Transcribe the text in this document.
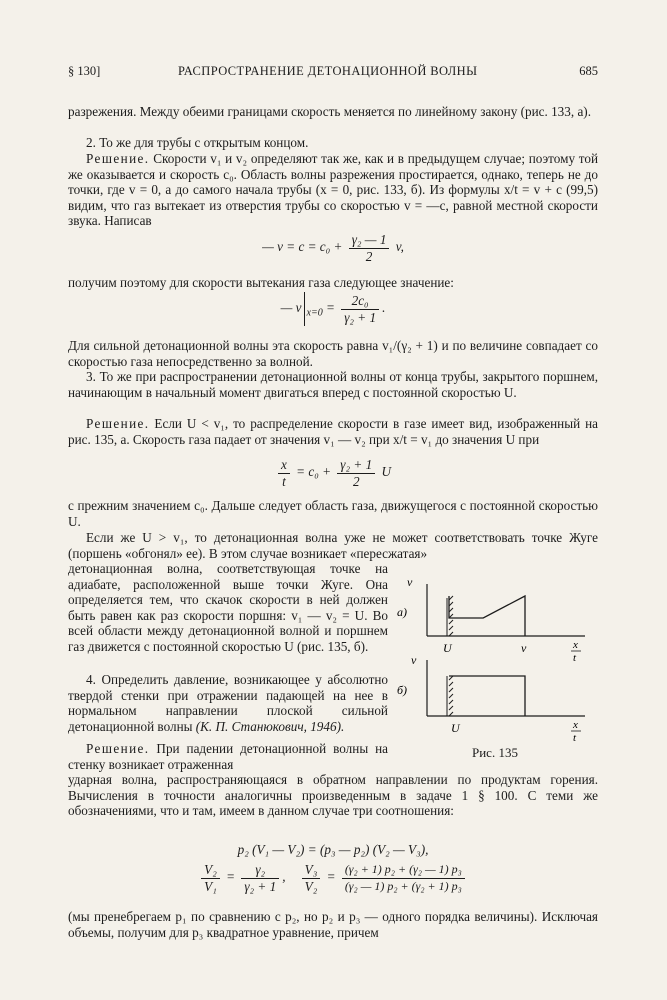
§ 130]	РАСПРОСТРАНЕНИЕ ДЕТОНАЦИОННОЙ ВОЛНЫ	685

разрежения. Между обеими границами скорость меняется по линейному закону (рис. 133, а).

2. То же для трубы с открытым концом.

Решение. Скорости v₁ и v₂ определяют так же, как и в предыдущем случае; поэтому той же оказывается и скорость c₀. Область волны разрежения простирается, однако, теперь не до точки, где v = 0, а до самого начала трубы (x = 0, рис. 133, б). Из формулы x/t = v + c (99,5) видим, что газ вытекает из отверстия трубы со скоростью v = —c, равной местной скорости звука. Написав

— $v = c = c_0 + \frac{\text{γ₂ — 1}}{2} v$,

получим поэтому для скорости вытекания газа следующее значение:

— v $_{x=0} = \frac{\text{2c₀}}{\text{γ₂ + 1}}$ .

Для сильной детонационной волны эта скорость равна v₁/(γ₂ + 1) и по величине совпадает со скоростью газа непосредственно за волной.

3. То же при распространении детонационной волны от конца трубы, закрытого поршнем, начинающим в начальный момент двигаться вперед с постоянной скоростью U.

Решение. Если U < v₁, то распределение скорости в газе имеет вид, изображенный на рис. 135, а. Скорость газа падает от значения v₁ — v₂ при x/t = v₁ до значения U при

$\frac{x}{t} = c_0 + \frac{\text{γ₂ + 1}}{2}$ U

с прежним значением c₀. Дальше следует область газа, движущегося с постоянной скоростью U.

Если же U > v₁, то детонационная волна уже не может соответствовать точке Жуге (поршень «обгонял» ее). В этом случае возникает «пересжатая»

детонационная волна, соответствующая точке на адиабате, расположенной выше точки Жуге. Она определяется тем, что скачок скорости в ней должен быть равен как раз скорости поршня: v₁ — v₂ = U. Во всей области между детонационной волной и поршнем газ движется с постоянной скоростью U (рис. 135, б).

4. Определить давление, возникающее у абсолютно твердой стенки при отражении падающей на нее в нормальном направлении плоской сильной детонационной волны (К. П. Станюкович, 1946).

Решение. При падении детонационной волны на стенку возникает отраженная

ударная волна, распространяющаяся в обратном направлении по продуктам горения. Вычисления в точности аналогичны произведенным в задаче 1 § 100. С теми же обозначениями, что и там, имеем в данном случае три соотношения:

p₂ (V₁ — V₂) = (p₃ — p₂) (V₂ — V₃),
$\frac{\text{V₂}}{\text{V₁}} = \frac{\text{γ₂}}{\text{γ₂ + 1}}$ , $\frac{\text{V₃}}{\text{V₂}} = \frac{\text{(γ₂ + 1) p₂ + (γ₂ — 1) p₃}}{\text{(γ₂ — 1) p₂ + (γ₂ + 1) p₃}}$

(мы пренебрегаем p₁ по сравнению с p₂, но p₂ и p₃ — одного порядка величины). Исключая объемы, получим для p₃ квадратное уравнение, причем

v
а)
U	v	x
t
v
б)
U	x
t
Рис. 135
